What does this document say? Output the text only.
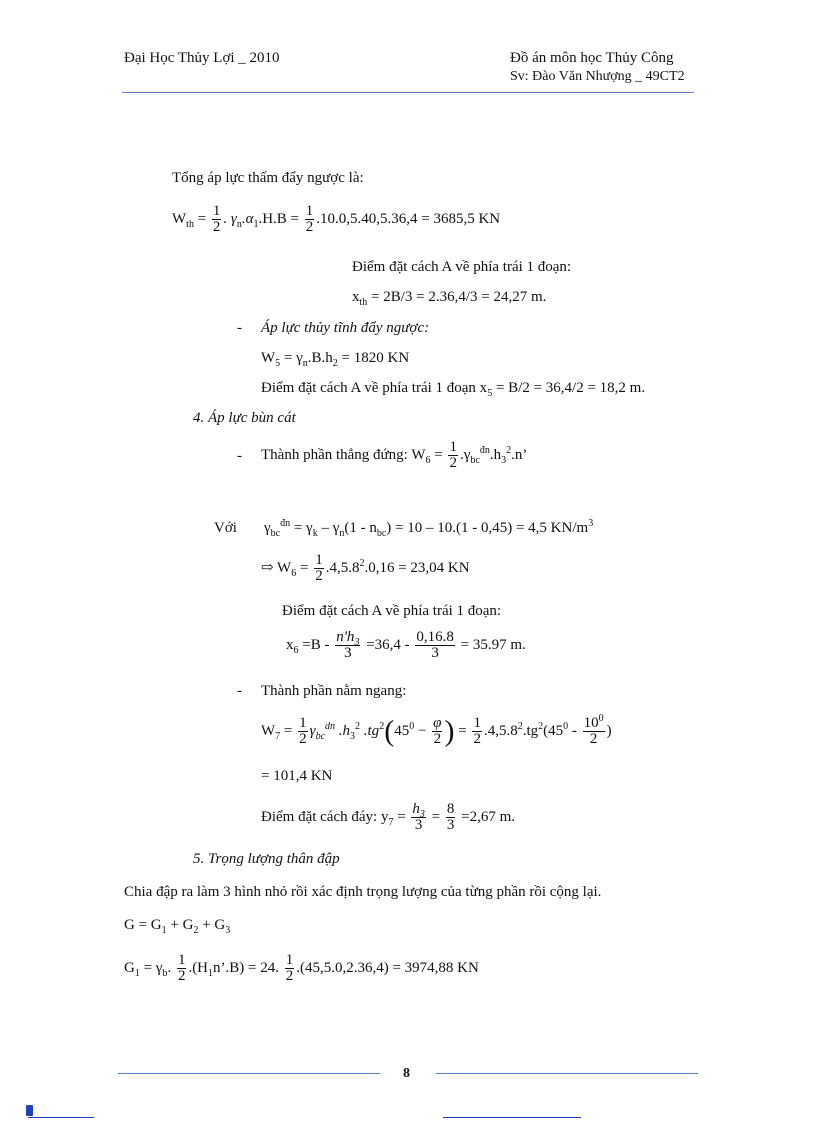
Đại Học Thủy Lợi _ 2010	Đồ án môn học Thủy Công
Sv: Đào Văn Nhượng _ 49CT2
Tổng áp lực thấm đẩy ngược là:
$W_{th} = \frac{1}{2}$ . $\gamma_n.\alpha_1.H.B = \frac{1}{2} .10.0,5.40,5.36,4 = 3685,5$ KN
Điểm đặt cách A về phía trái 1 đoạn:
$x_{th} = 2B/3 = 2.36,4/3 = 24,27$ m.
- Áp lực thủy tĩnh đẩy ngược:
$W_5 = \gamma_n.B.h_2 = 1820$ KN
Điểm đặt cách A về phía trái 1 đoạn $x_5 = B/2 = 36,4/2 = 18,2$ m.
4. Áp lực bùn cát
- Thành phần thẳng đứng: $W_6 = \frac{1}{2} .\gamma_{bc}^{đn}.h_3^2.n$’
Với $\gamma_{bc}^{đn} = \gamma_k - \gamma_n(1 - n_{bc}) = 10 - 10.(1 - 0,45) = 4,5$ $KN/m^3$
⇨ $W_6 = \frac{1}{2} .4,5.8^2.0,16 = 23,04$ KN
Điểm đặt cách A về phía trái 1 đoạn:
$x_6 =B - \frac{n'h_3}{3} =36,4 - \frac{0,16.8}{3} = 35.97$ m.
- Thành phần nằm ngang:
$W_7 = \frac{1}{2} \gamma_{bc}^{dn}$ $.h_3^2$ $.tg^2(45^0 - \frac{\varphi}{2}$ ) = $\frac{1}{2} .4,5.8^2.tg^2(45^0 - \frac{10^0}{2}$ )
= 101,4 KN
Điểm đặt cách đáy: $y_7 = \frac{h_3}{3} = \frac{8}{3} =2,67$ m.
5. Trọng lượng thân đập
Chia đập ra làm 3 hình nhỏ rồi xác định trọng lượng của từng phần rồi cộng lại.
$G = G_1 + G_2 + G_3$
$G_1 = \gamma_b$. $\frac{1}{2}$ $.(H_1n’.B) = 24$. $\frac{1}{2} .(45,5.0,2.36,4) = 3974,88$ KN
8
